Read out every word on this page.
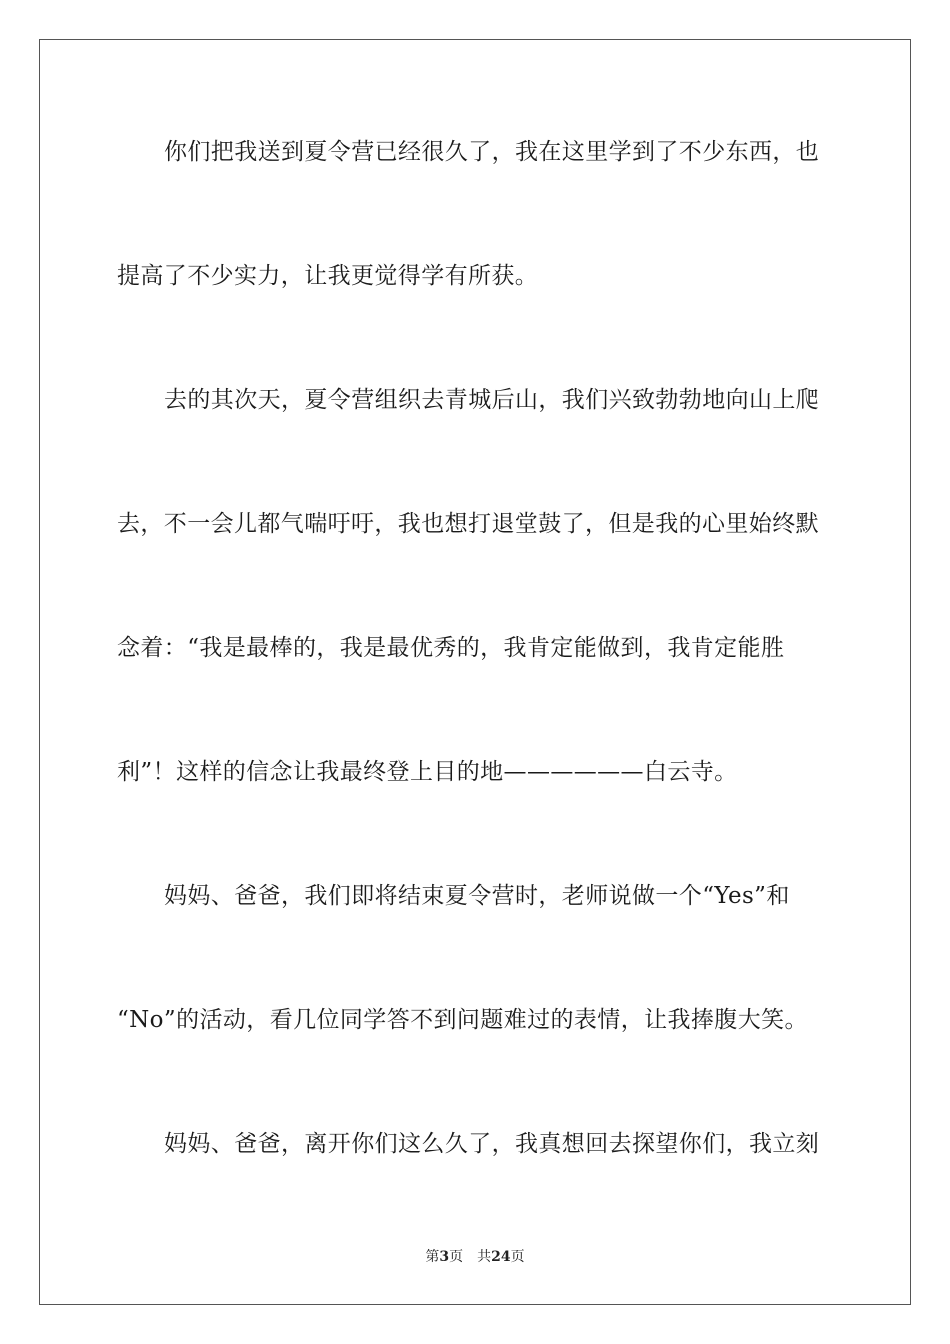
你们把我送到夏令营已经很久了，我在这里学到了不少东西，也
提高了不少实力，让我更觉得学有所获。
去的其次天，夏令营组织去青城后山，我们兴致勃勃地向山上爬
去，不一会儿都气喘吁吁，我也想打退堂鼓了，但是我的心里始终默
念着：“我是最棒的，我是最优秀的，我肯定能做到，我肯定能胜
利”！这样的信念让我最终登上目的地——————白云寺。
妈妈、爸爸，我们即将结束夏令营时，老师说做一个“Yes”和
“No”的活动，看几位同学答不到问题难过的表情，让我捧腹大笑。
妈妈、爸爸，离开你们这么久了，我真想回去探望你们，我立刻
第3页 共24页
